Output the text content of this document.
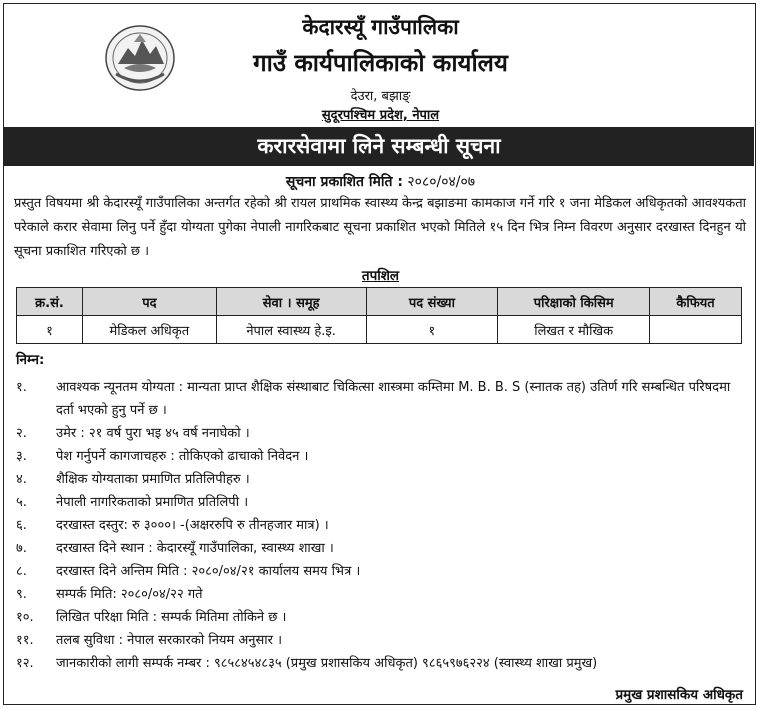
केदारस्यूँ गाउँपालिका
गाउँ कार्यपालिकाको कार्यालय
देउरा, बझाङ्
सुदूरपश्चिम प्रदेश, नेपाल
करारसेवामा लिने सम्बन्धी सूचना
सूचना प्रकाशित मिति : २०८०/०४/०७
प्रस्तुत विषयमा श्री केदारस्यूँ गाउँपालिका अन्तर्गत रहेको श्री रायल प्राथमिक स्वास्थ्य केन्द्र बझाङमा कामकाज गर्ने गरि १ जना मेडिकल अधिकृतको आवश्यकता परेकाले करार सेवामा लिनु पर्ने हुँदा योग्यता पुगेका नेपाली नागरिकबाट सूचना प्रकाशित भएको मितिले १५ दिन भित्र निम्न विवरण अनुसार दरखास्त दिनहुन यो सूचना प्रकाशित गरिएको छ ।
तपशिल
क्र.सं.	पद	सेवा । समूह	पद संख्या	परिक्षाको किसिम	कैफियत
१	मेडिकल अधिकृत	नेपाल स्वास्थ्य हे.इ.	१	लिखत र मौखिक	
निम्न:
१. आवश्यक न्यूनतम योग्यता : मान्यता प्राप्त शैक्षिक संस्थाबाट चिकित्सा शास्त्रमा कम्तिमा M. B. B. S (स्नातक तह) उतिर्ण गरि सम्बन्धित परिषदमा दर्ता भएको हुनु पर्ने छ ।
२. उमेर : २१ वर्ष पुरा भइ ४५ वर्ष ननाघेको ।
३. पेश गर्नुपर्ने कागजाचहरु : तोकिएको ढाचाको निवेदन ।
४. शैक्षिक योग्यताका प्रमाणित प्रतिलिपीहरु ।
५. नेपाली नागरिकताको प्रमाणित प्रतिलिपी ।
६. दरखास्त दस्तुर: रु ३०००। -(अक्षररुपि रु तीनहजार मात्र) ।
७. दरखास्त दिने स्थान : केदारस्यूँ गाउँपालिका, स्वास्थ्य शाखा ।
८. दरखास्त दिने अन्तिम मिति : २०८०/०४/२१ कार्यालय समय भित्र ।
९. सम्पर्क मिति: २०८०/०४/२२ गते
१०. लिखित परिक्षा मिति : सम्पर्क मितिमा तोकिने छ ।
११. तलब सुविधा : नेपाल सरकारको नियम अनुसार ।
१२. जानकारीको लागी सम्पर्क नम्बर : ९८५८४५४८३५ (प्रमुख प्रशासकिय अधिकृत) ९८६५९७६२२४ (स्वास्थ्य शाखा प्रमुख)
प्रमुख प्रशासकिय अधिकृत
